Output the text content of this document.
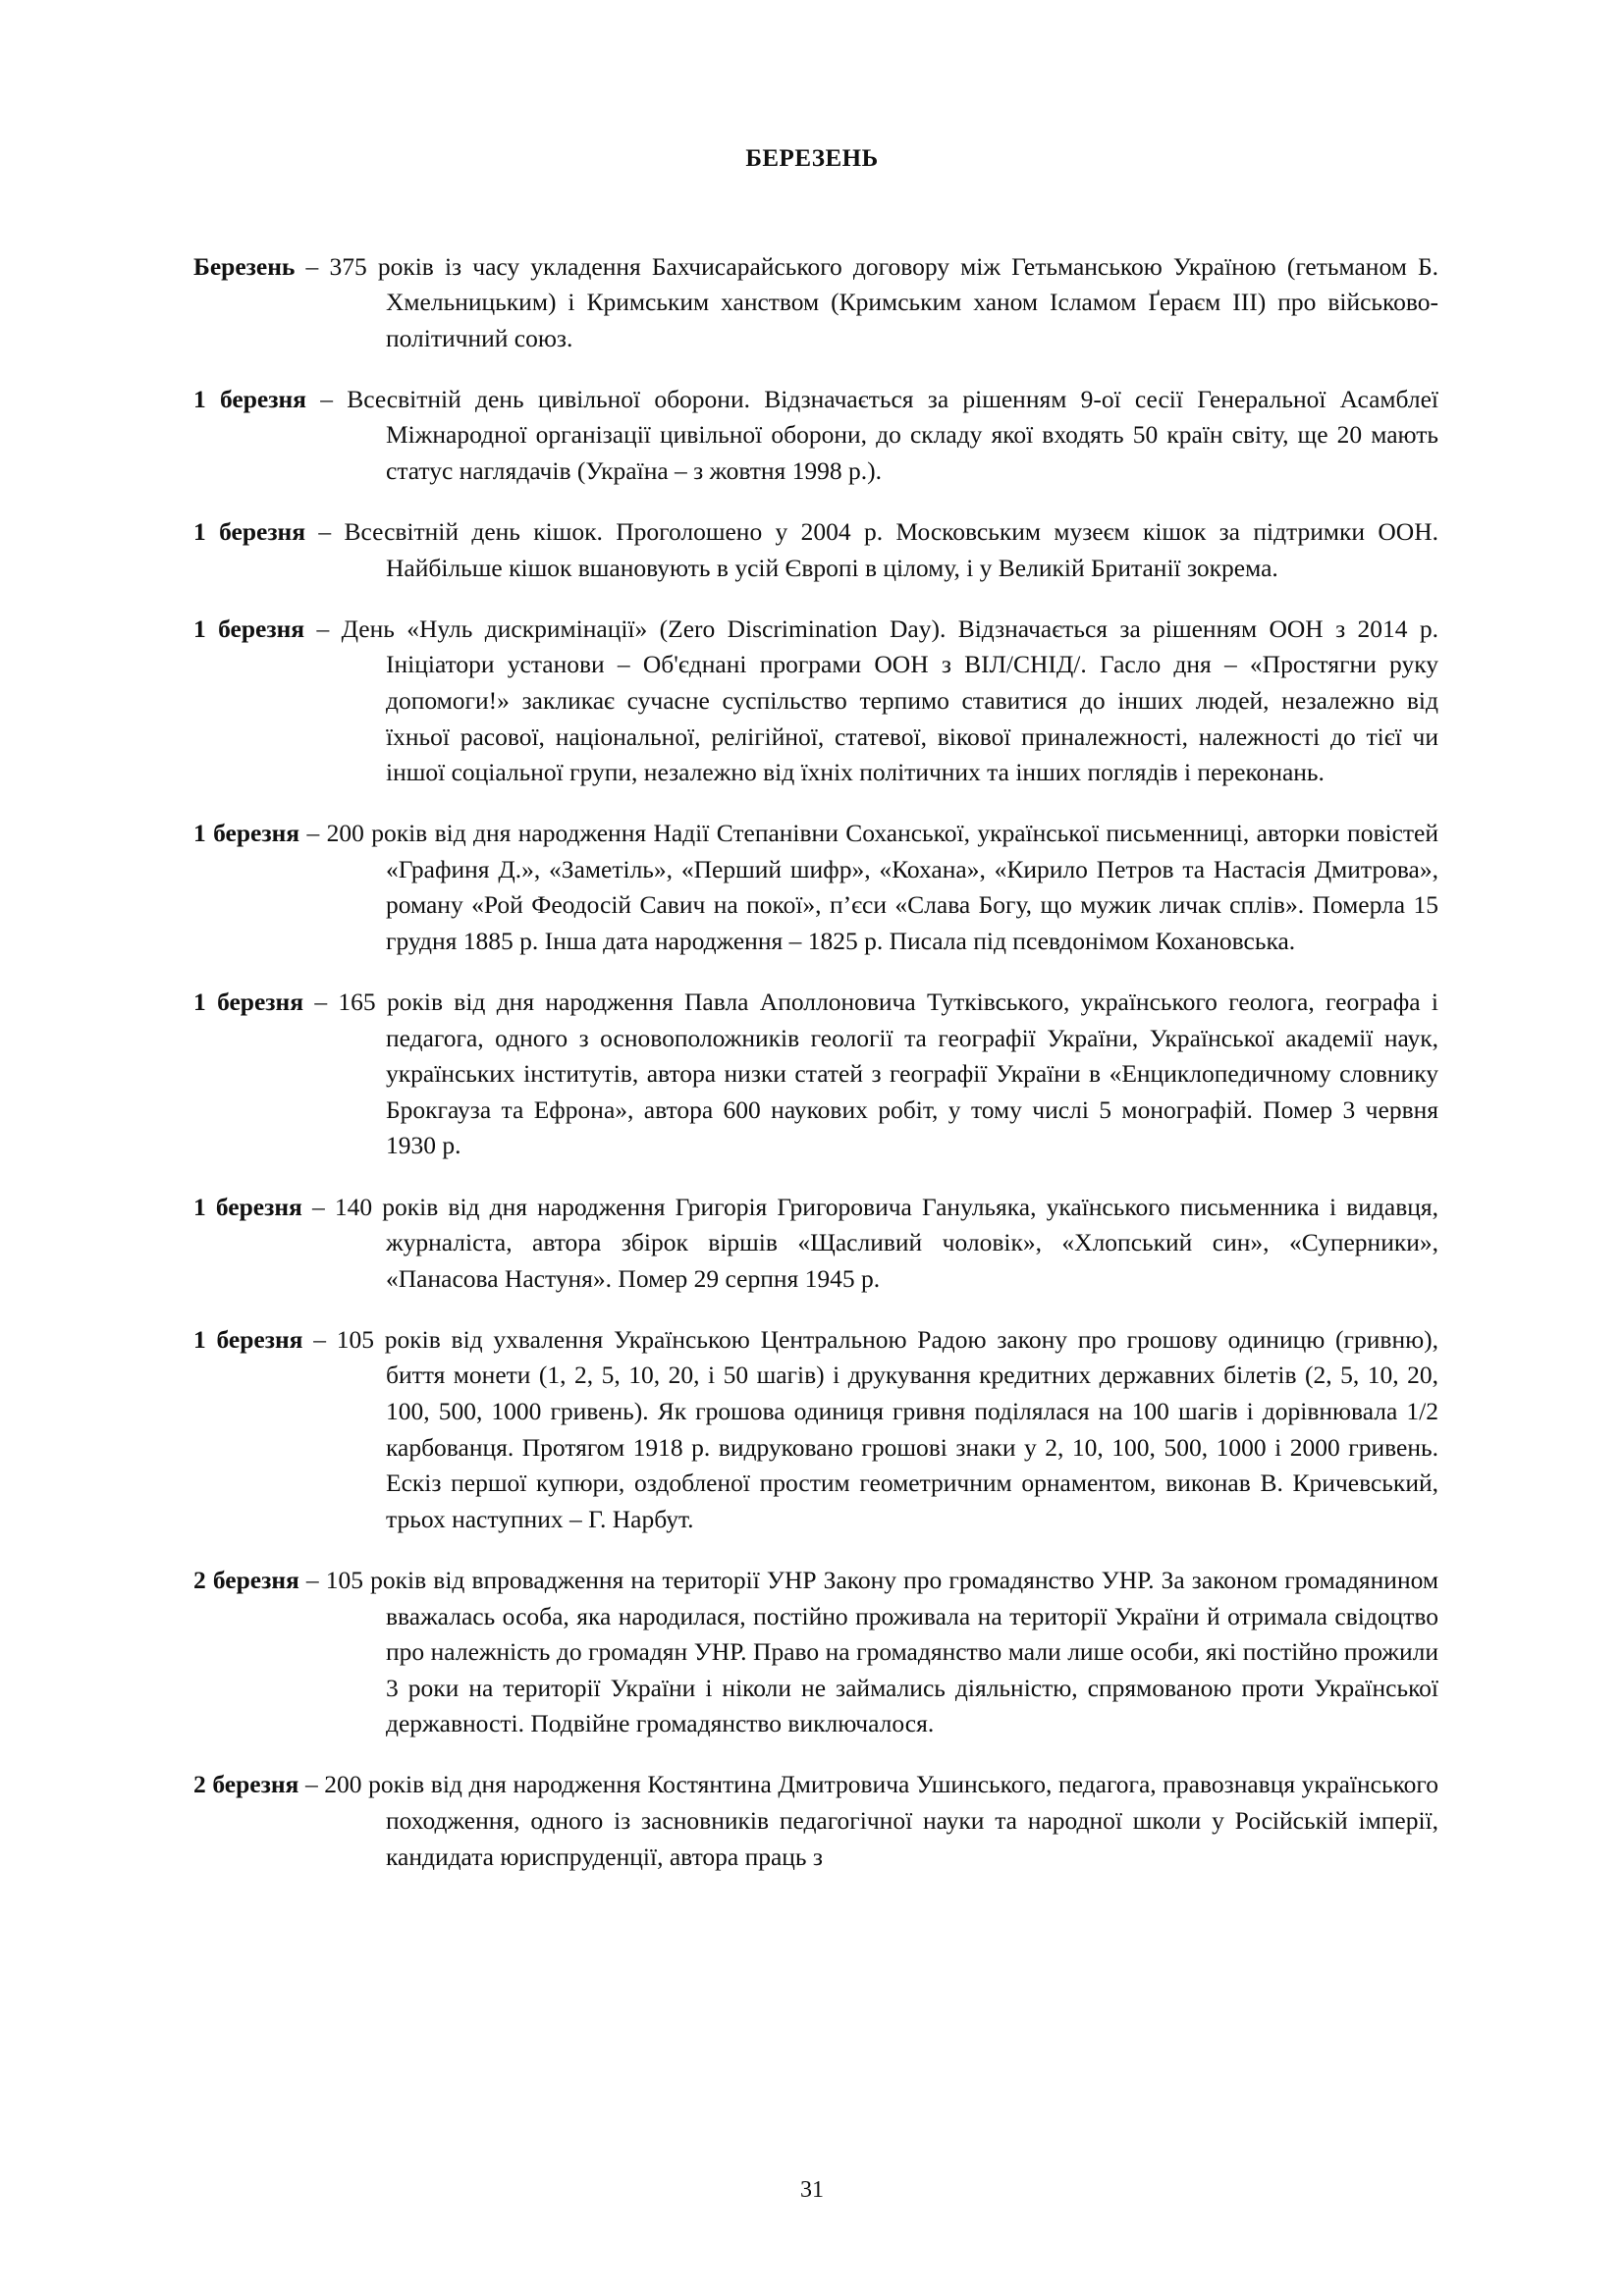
БЕРЕЗЕНЬ

Березень – 375 років із часу укладення Бахчисарайського договору між Гетьманською Україною (гетьманом Б. Хмельницьким) і Кримським ханством (Кримським ханом Ісламом Ґераєм III) про військово-політичний союз.

1 березня – Всесвітній день цивільної оборони. Відзначається за рішенням 9-ої сесії Генеральної Асамблеї Міжнародної організації цивільної оборони, до складу якої входять 50 країн світу, ще 20 мають статус наглядачів (Україна – з жовтня 1998 р.).

1 березня – Всесвітній день кішок. Проголошено у 2004 р. Московським музеєм кішок за підтримки ООН. Найбільше кішок вшановують в усій Європі в цілому, і у Великій Британії зокрема.

1 березня – День «Нуль дискримінації» (Zero Discrimination Day). Відзначається за рішенням ООН з 2014 р. Ініціатори установи – Об'єднані програми ООН з ВІЛ/СНІД/. Гасло дня – «Простягни руку допомоги!» закликає сучасне суспільство терпимо ставитися до інших людей, незалежно від їхньої расової, національної, релігійної, статевої, вікової приналежності, належності до тієї чи іншої соціальної групи, незалежно від їхніх політичних та інших поглядів і переконань.

1 березня – 200 років від дня народження Надії Степанівни Соханської, української письменниці, авторки повістей «Графиня Д.», «Заметіль», «Перший шифр», «Кохана», «Кирило Петров та Настасія Дмитрова», роману «Рой Феодосій Савич на покої», п’єси «Слава Богу, що мужик личак сплів». Померла 15 грудня 1885 р. Інша дата народження – 1825 р. Писала під псевдонімом Кохановська.

1 березня – 165 років від дня народження Павла Аполлоновича Тутківського, українського геолога, географа і педагога, одного з основоположників геології та географії України, Української академії наук, українських інститутів, автора низки статей з географії України в «Енциклопедичному словнику Брокгауза та Ефрона», автора 600 наукових робіт, у тому числі 5 монографій. Помер 3 червня 1930 р.

1 березня – 140 років від дня народження Григорія Григоровича Ганульяка, укаїнського письменника і видавця, журналіста, автора збірок віршів «Щасливий чоловік», «Хлопський син», «Суперники», «Панасова Настуня». Помер 29 серпня 1945 р.

1 березня – 105 років від ухвалення Українською Центральною Радою закону про грошову одиницю (гривню), биття монети (1, 2, 5, 10, 20, і 50 шагів) і друкування кредитних державних білетів (2, 5, 10, 20, 100, 500, 1000 гривень). Як грошова одиниця гривня поділялася на 100 шагів і дорівнювала 1/2 карбованця. Протягом 1918 р. видруковано грошові знаки у 2, 10, 100, 500, 1000 і 2000 гривень. Ескіз першої купюри, оздобленої простим геометричним орнаментом, виконав В. Кричевський, трьох наступних – Г. Нарбут.

2 березня – 105 років від впровадження на території УНР Закону про громадянство УНР. За законом громадянином вважалась особа, яка народилася, постійно проживала на території України й отримала свідоцтво про належність до громадян УНР. Право на громадянство мали лише особи, які постійно прожили 3 роки на території України і ніколи не займались діяльністю, спрямованою проти Української державності. Подвійне громадянство виключалося.

2 березня – 200 років від дня народження Костянтина Дмитровича Ушинського, педагога, правознавця українського походження, одного із засновників педагогічної науки та народної школи у Російській імперії, кандидата юриспруденції, автора праць з

31
